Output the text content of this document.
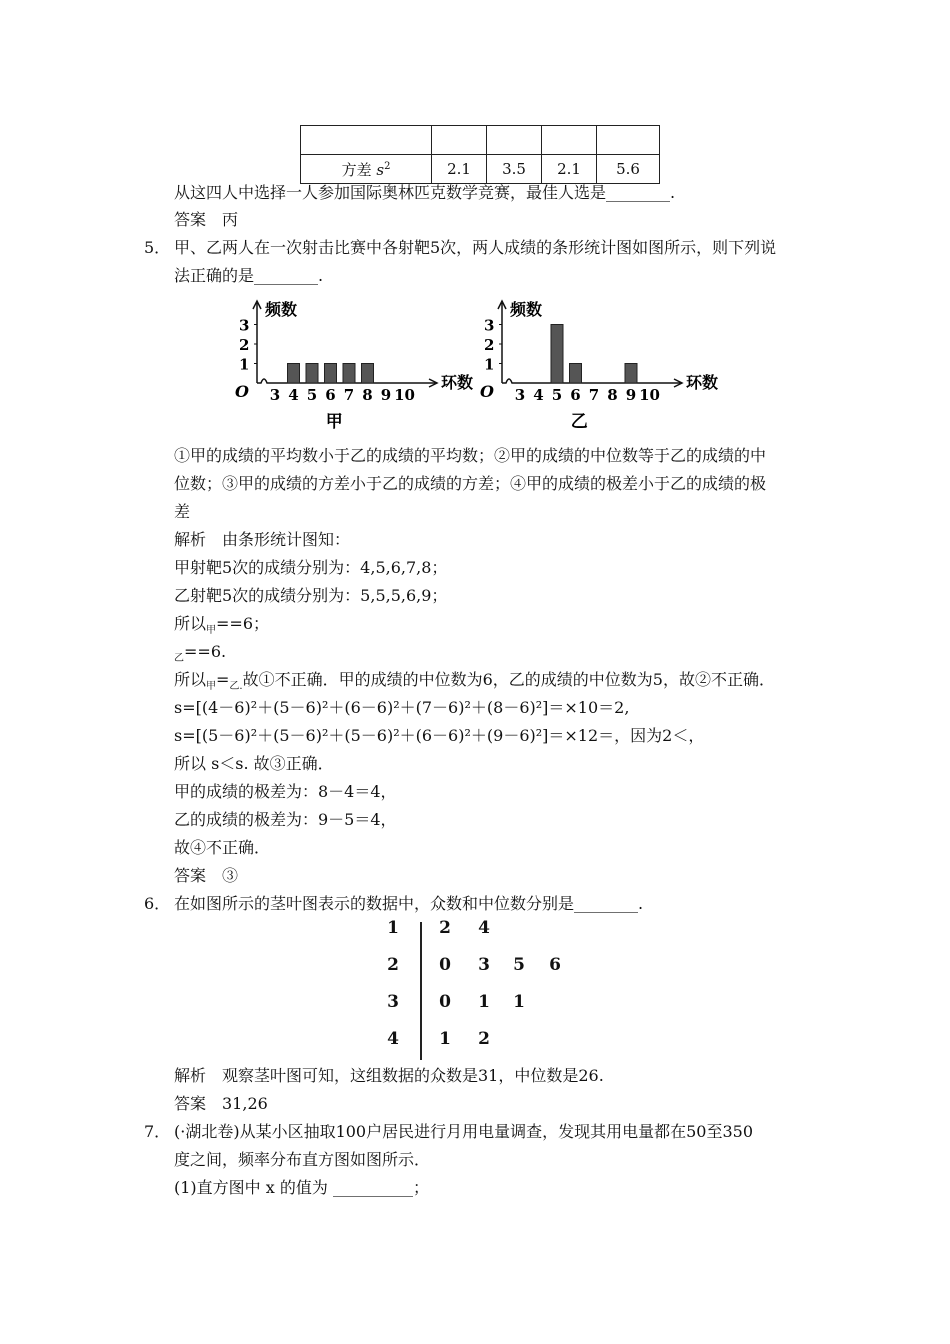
方差 $s^2$	2.1	3.5	2.1	5.6
从这四人中选择一人参加国际奥林匹克数学竞赛，最佳人选是________.
答案　丙
5． 甲、乙两人在一次射击比赛中各射靶5次，两人成绩的条形统计图如图所示，则下列说
法正确的是________.
频数
环数
O
1
2
3
3 4 5 6 7 8 9 10
甲
频数
环数
O
1
2
3
3 4 5 6 7 8 9 10
乙
①甲的成绩的平均数小于乙的成绩的平均数；②甲的成绩的中位数等于乙的成绩的中
位数；③甲的成绩的方差小于乙的成绩的方差；④甲的成绩的极差小于乙的成绩的极
差
解析　由条形统计图知：
甲射靶5次的成绩分别为：4,5,6,7,8；
乙射靶5次的成绩分别为：5,5,5,6,9；
所以$_甲$==6；
$_乙$==6.
所以$_甲=_{乙.}$故①不正确．甲的成绩的中位数为6，乙的成绩的中位数为5，故②不正确．
s=[(4－6)²＋(5－6)²＋(6－6)²＋(7－6)²＋(8－6)²]＝×10＝2,
s=[(5－6)²＋(5－6)²＋(5－6)²＋(6－6)²＋(9－6)²]＝×12＝，因为2＜，
所以 s＜s. 故③正确．
甲的成绩的极差为：8－4＝4，
乙的成绩的极差为：9－5＝4，
故④不正确．
答案　③
6． 在如图所示的茎叶图表示的数据中，众数和中位数分别是________.
1	2	4
2	0	3	5	6
3	0	1	1
4	1	2
解析　观察茎叶图可知，这组数据的众数是31，中位数是26.
答案　31,26
7． (·湖北卷)从某小区抽取100户居民进行月用电量调查，发现其用电量都在50至350
度之间，频率分布直方图如图所示．
(1)直方图中 x 的值为 __________；
